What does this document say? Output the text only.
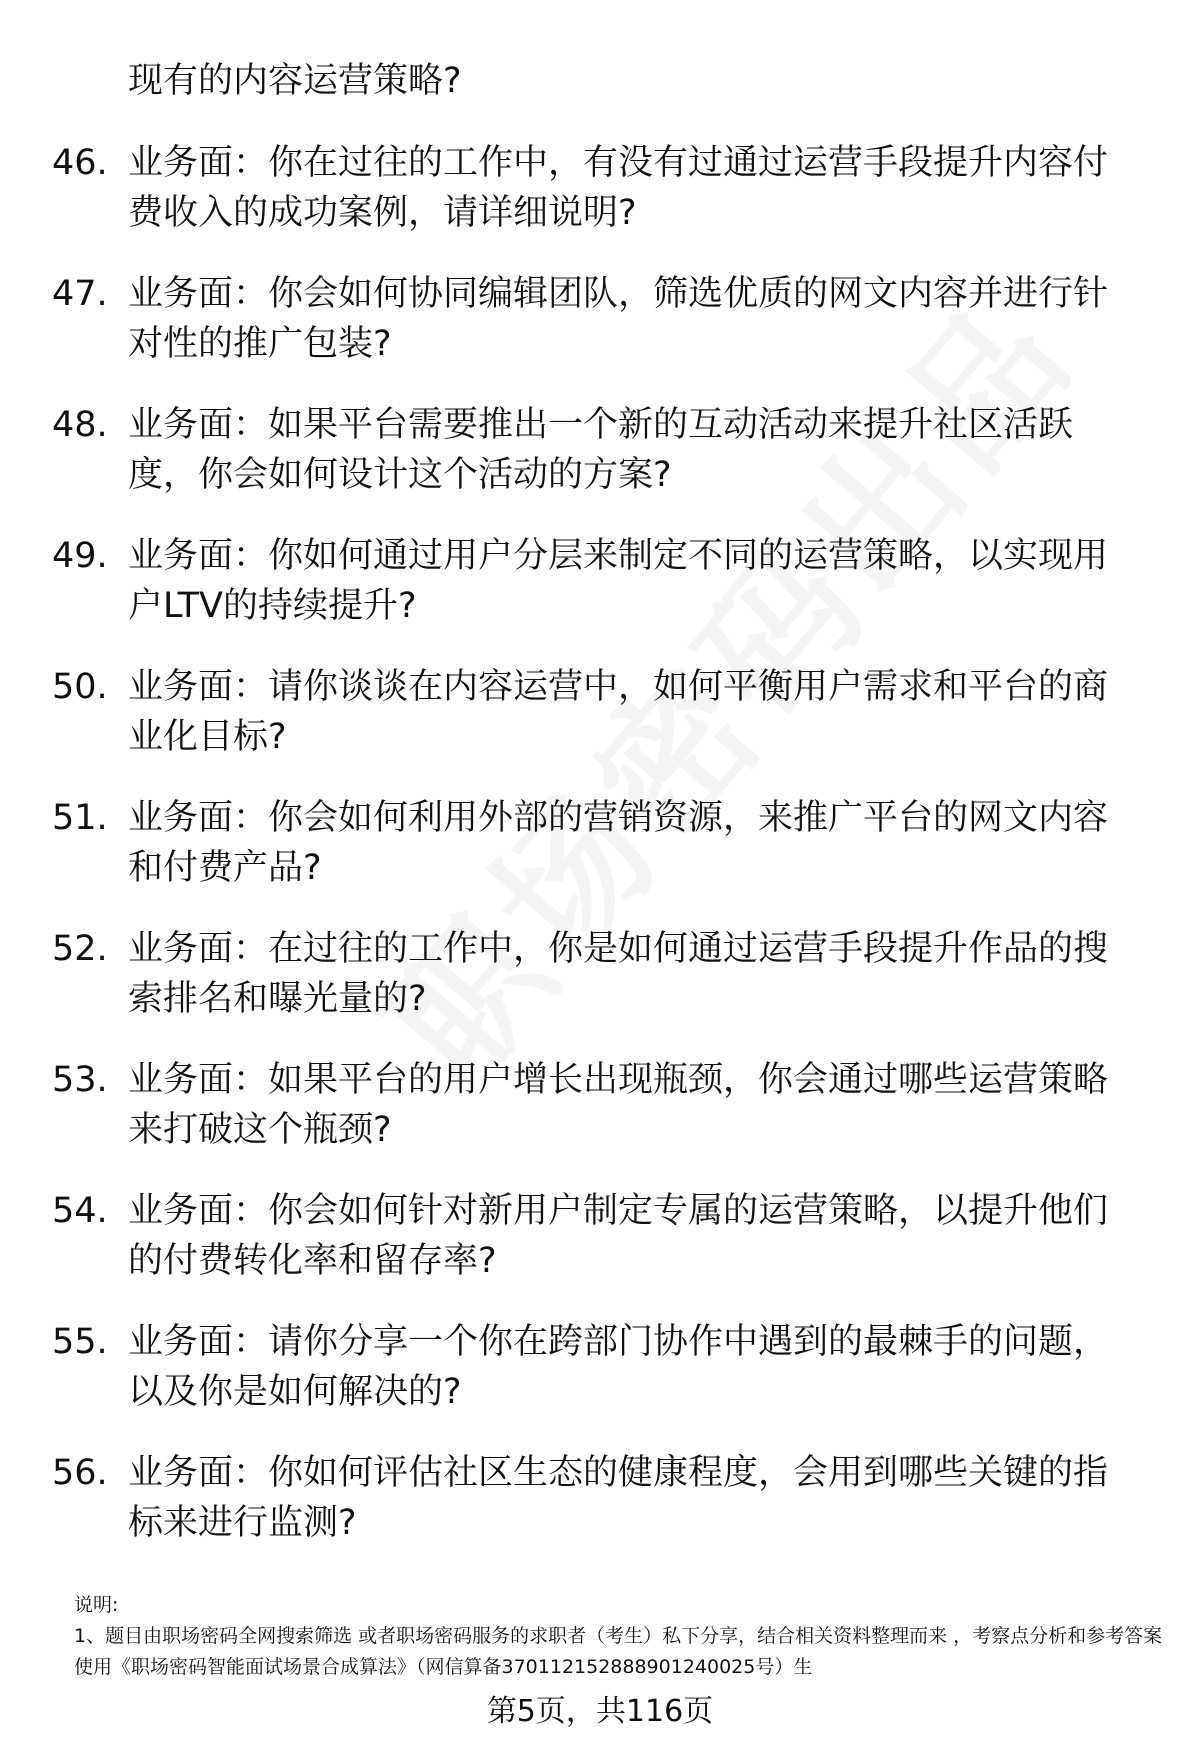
现有的内容运营策略?
46. 业务面：你在过往的工作中，有没有过通过运营手段提升内容付费收入的成功案例，请详细说明?
47. 业务面：你会如何协同编辑团队，筛选优质的网文内容并进行针对性的推广包装?
48. 业务面：如果平台需要推出一个新的互动活动来提升社区活跃度，你会如何设计这个活动的方案?
49. 业务面：你如何通过用户分层来制定不同的运营策略，以实现用户LTV的持续提升?
50. 业务面：请你谈谈在内容运营中，如何平衡用户需求和平台的商业化目标?
51. 业务面：你会如何利用外部的营销资源，来推广平台的网文内容和付费产品?
52. 业务面：在过往的工作中，你是如何通过运营手段提升作品的搜索排名和曝光量的?
53. 业务面：如果平台的用户增长出现瓶颈，你会通过哪些运营策略来打破这个瓶颈?
54. 业务面：你会如何针对新用户制定专属的运营策略，以提升他们的付费转化率和留存率?
55. 业务面：请你分享一个你在跨部门协作中遇到的最棘手的问题，以及你是如何解决的?
56. 业务面：你如何评估社区生态的健康程度，会用到哪些关键的指标来进行监测?
说明:
1、题目由职场密码全网搜索筛选 或者职场密码服务的求职者（考生）私下分享，结合相关资料整理而来 ，考察点分析和参考答案使用《职场密码智能面试场景合成算法》（网信算备370112152888901240025号）生
第5页，共116页
